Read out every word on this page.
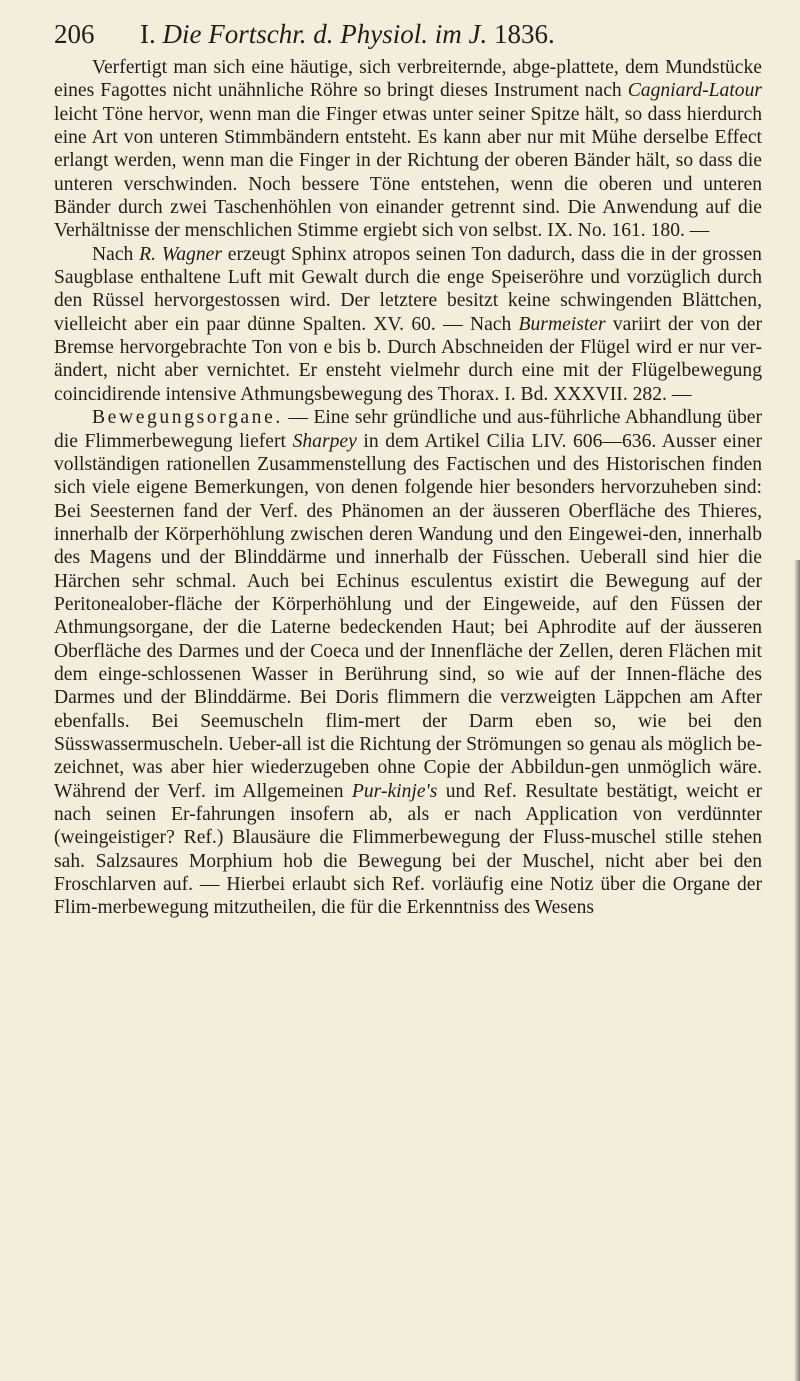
206 I. Die Fortschr. d. Physiol. im J. 1836.

Verfertigt man sich eine häutige, sich verbreiternde, abge-plattete, dem Mundstücke eines Fagottes nicht unähnliche Röhre so bringt dieses Instrument nach Cagniard-Latour leicht Töne hervor, wenn man die Finger etwas unter seiner Spitze hält, so dass hierdurch eine Art von unteren Stimmbändern entsteht. Es kann aber nur mit Mühe derselbe Effect erlangt werden, wenn man die Finger in der Richtung der oberen Bänder hält, so dass die unteren verschwinden. Noch bessere Töne entstehen, wenn die oberen und unteren Bänder durch zwei Taschenhöhlen von einander getrennt sind. Die Anwendung auf die Verhältnisse der menschlichen Stimme ergiebt sich von selbst. IX. No. 161. 180. —

Nach R. Wagner erzeugt Sphinx atropos seinen Ton dadurch, dass die in der grossen Saugblase enthaltene Luft mit Gewalt durch die enge Speiseröhre und vorzüglich durch den Rüssel hervorgestossen wird. Der letztere besitzt keine schwingenden Blättchen, vielleicht aber ein paar dünne Spalten. XV. 60. — Nach Burmeister variirt der von der Bremse hervorgebrachte Ton von e bis b. Durch Abschneiden der Flügel wird er nur ver-ändert, nicht aber vernichtet. Er ensteht vielmehr durch eine mit der Flügelbewegung coincidirende intensive Athmungsbewegung des Thorax. I. Bd. XXXVII. 282. —

Bewegungsorgane. — Eine sehr gründliche und aus-führliche Abhandlung über die Flimmerbewegung liefert Sharpey in dem Artikel Cilia LIV. 606—636. Ausser einer vollständigen rationellen Zusammenstellung des Factischen und des Historischen finden sich viele eigene Bemerkungen, von denen folgende hier besonders hervorzuheben sind: Bei Seesternen fand der Verf. des Phänomen an der äusseren Oberfläche des Thieres, innerhalb der Körperhöhlung zwischen deren Wandung und den Eingewei-den, innerhalb des Magens und der Blinddärme und innerhalb der Füsschen. Ueberall sind hier die Härchen sehr schmal. Auch bei Echinus esculentus existirt die Bewegung auf der Peritonealober-fläche der Körperhöhlung und der Eingeweide, auf den Füssen der Athmungsorgane, der die Laterne bedeckenden Haut; bei Aphrodite auf der äusseren Oberfläche des Darmes und der Coeca und der Innenfläche der Zellen, deren Flächen mit dem einge-schlossenen Wasser in Berührung sind, so wie auf der Innen-fläche des Darmes und der Blinddärme. Bei Doris flimmern die verzweigten Läppchen am After ebenfalls. Bei Seemuscheln flim-mert der Darm eben so, wie bei den Süsswassermuscheln. Ueber-all ist die Richtung der Strömungen so genau als möglich be-zeichnet, was aber hier wiederzugeben ohne Copie der Abbildun-gen unmöglich wäre. Während der Verf. im Allgemeinen Pur-kinje's und Ref. Resultate bestätigt, weicht er nach seinen Er-fahrungen insofern ab, als er nach Application von verdünnter (weingeistiger? Ref.) Blausäure die Flimmerbewegung der Fluss-muschel stille stehen sah. Salzsaures Morphium hob die Bewegung bei der Muschel, nicht aber bei den Froschlarven auf. — Hierbei erlaubt sich Ref. vorläufig eine Notiz über die Organe der Flim-merbewegung mitzutheilen, die für die Erkenntniss des Wesens
